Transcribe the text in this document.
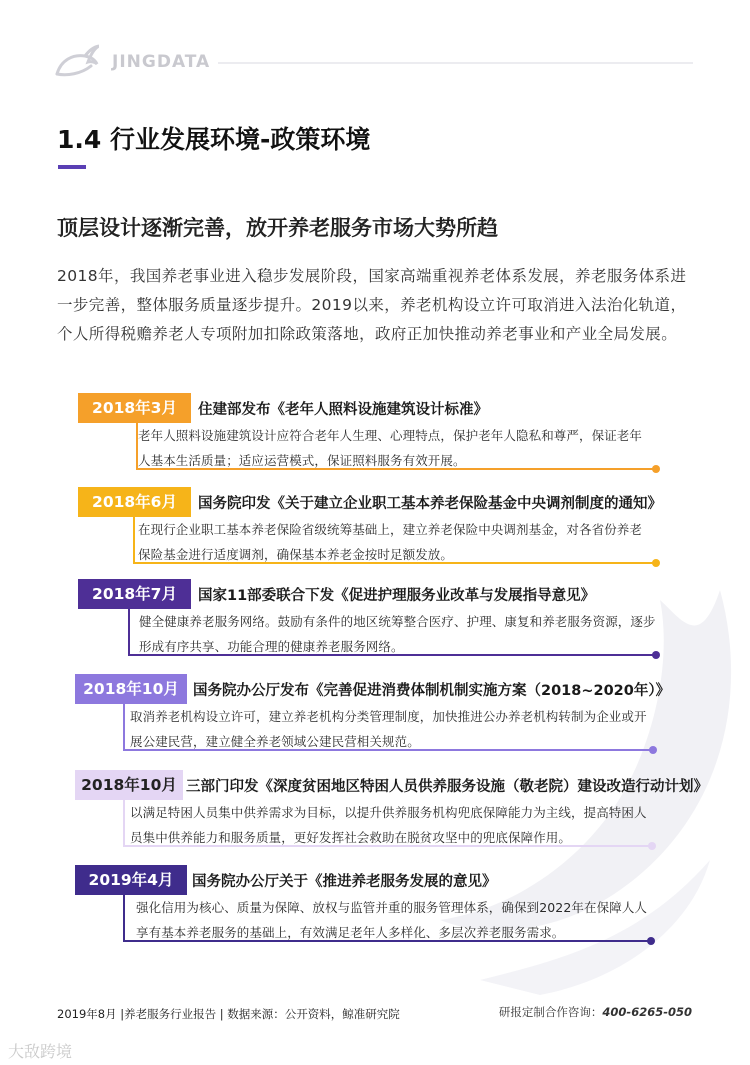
JINGDATA
1.4 行业发展环境-政策环境
顶层设计逐渐完善，放开养老服务市场大势所趋
2018年，我国养老事业进入稳步发展阶段，国家高端重视养老体系发展，养老服务体系进一步完善，整体服务质量逐步提升。2019以来，养老机构设立许可取消进入法治化轨道，个人所得税赡养老人专项附加扣除政策落地，政府正加快推动养老事业和产业全局发展。
2018年3月	住建部发布《老年人照料设施建筑设计标准》
老年人照料设施建筑设计应符合老年人生理、心理特点，保护老年人隐私和尊严，保证老年人基本生活质量；适应运营模式，保证照料服务有效开展。
2018年6月	国务院印发《关于建立企业职工基本养老保险基金中央调剂制度的通知》
在现行企业职工基本养老保险省级统筹基础上，建立养老保险中央调剂基金，对各省份养老保险基金进行适度调剂，确保基本养老金按时足额发放。
2018年7月	国家11部委联合下发《促进护理服务业改革与发展指导意见》
健全健康养老服务网络。鼓励有条件的地区统筹整合医疗、护理、康复和养老服务资源，逐步形成有序共享、功能合理的健康养老服务网络。
2018年10月 国务院办公厅发布《完善促进消费体制机制实施方案（2018~2020年）》
取消养老机构设立许可，建立养老机构分类管理制度，加快推进公办养老机构转制为企业或开展公建民营，建立健全养老领域公建民营相关规范。
2018年10月 三部门印发《深度贫困地区特困人员供养服务设施（敬老院）建设改造行动计划》
以满足特困人员集中供养需求为目标，以提升供养服务机构兜底保障能力为主线，提高特困人员集中供养能力和服务质量，更好发挥社会救助在脱贫攻坚中的兜底保障作用。
2019年4月	国务院办公厅关于《推进养老服务发展的意见》
强化信用为核心、质量为保障、放权与监管并重的服务管理体系，确保到2022年在保障人人享有基本养老服务的基础上，有效满足老年人多样化、多层次养老服务需求。
2019年8月 |养老服务行业报告 | 数据来源：公开资料，鲸准研究院	研报定制合作咨询：400-6265-050
大敌跨境
